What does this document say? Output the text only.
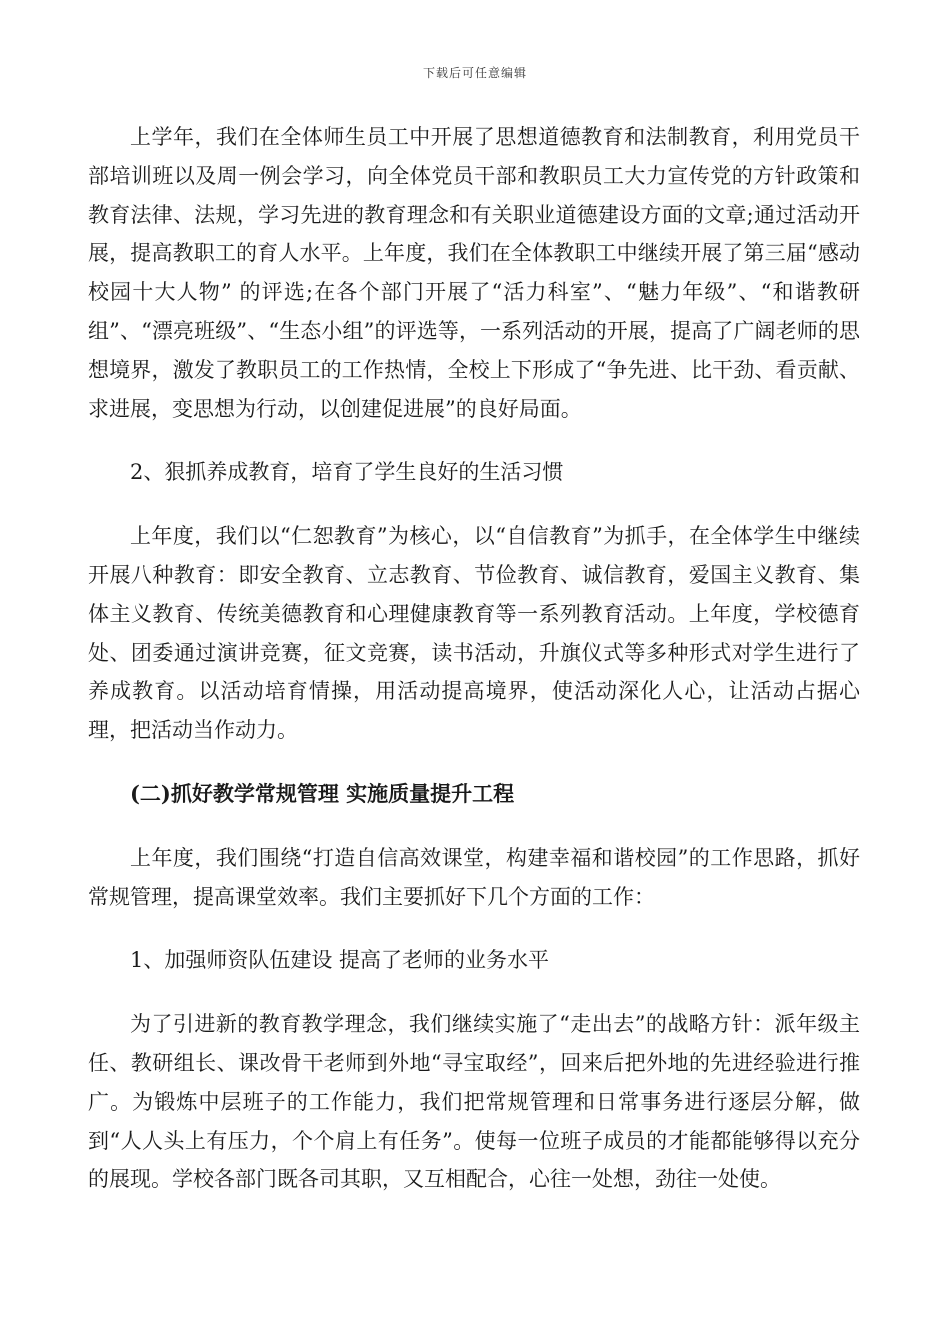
下载后可任意编辑

上学年，我们在全体师生员工中开展了思想道德教育和法制教育，利用党员干部培训班以及周一例会学习，向全体党员干部和教职员工大力宣传党的方针政策和教育法律、法规，学习先进的教育理念和有关职业道德建设方面的文章;通过活动开展，提高教职工的育人水平。上年度，我们在全体教职工中继续开展了第三届“感动校园十大人物” 的评选;在各个部门开展了“活力科室”、“魅力年级”、“和谐教研组”、“漂亮班级”、“生态小组”的评选等，一系列活动的开展，提高了广阔老师的思想境界，激发了教职员工的工作热情，全校上下形成了“争先进、比干劲、看贡献、求进展，变思想为行动，以创建促进展”的良好局面。

2、狠抓养成教育，培育了学生良好的生活习惯

上年度，我们以“仁恕教育”为核心，以“自信教育”为抓手，在全体学生中继续开展八种教育：即安全教育、立志教育、节俭教育、诚信教育，爱国主义教育、集体主义教育、传统美德教育和心理健康教育等一系列教育活动。上年度，学校德育处、团委通过演讲竞赛，征文竞赛，读书活动，升旗仪式等多种形式对学生进行了养成教育。以活动培育情操，用活动提高境界，使活动深化人心，让活动占据心理，把活动当作动力。

(二)抓好教学常规管理 实施质量提升工程

上年度，我们围绕“打造自信高效课堂，构建幸福和谐校园”的工作思路，抓好常规管理，提高课堂效率。我们主要抓好下几个方面的工作：

1、加强师资队伍建设 提高了老师的业务水平

为了引进新的教育教学理念，我们继续实施了“走出去”的战略方针：派年级主任、教研组长、课改骨干老师到外地“寻宝取经”，回来后把外地的先进经验进行推广。为锻炼中层班子的工作能力，我们把常规管理和日常事务进行逐层分解，做到“人人头上有压力，个个肩上有任务”。使每一位班子成员的才能都能够得以充分的展现。学校各部门既各司其职，又互相配合，心往一处想，劲往一处使。
